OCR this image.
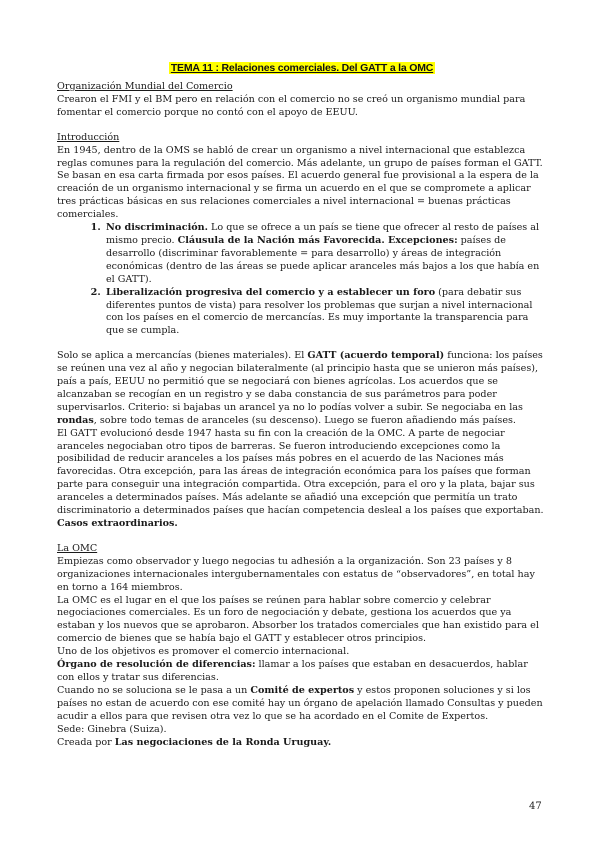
TEMA 11 : Relaciones comerciales. Del GATT a la OMC

Organización Mundial del Comercio

Crearon el FMI y el BM pero en relación con el comercio no se creó un organismo mundial para fomentar el comercio porque no contó con el apoyo de EEUU.

Introducción

En 1945, dentro de la OMS se habló de crear un organismo a nivel internacional que establezca reglas comunes para la regulación del comercio. Más adelante, un grupo de países forman el GATT. Se basan en esa carta firmada por esos países. El acuerdo general fue provisional a la espera de la creación de un organismo internacional y se firma un acuerdo en el que se compromete a aplicar tres prácticas básicas en sus relaciones comerciales a nivel internacional = buenas prácticas comerciales.

1. No discriminación. Lo que se ofrece a un país se tiene que ofrecer al resto de países al mismo precio. Cláusula de la Nación más Favorecida. Excepciones: países de desarrollo (discriminar favorablemente = para desarrollo) y áreas de integración económicas (dentro de las áreas se puede aplicar aranceles más bajos a los que había en el GATT).
2. Liberalización progresiva del comercio y a establecer un foro (para debatir sus diferentes puntos de vista) para resolver los problemas que surjan a nivel internacional con los países en el comercio de mercancías. Es muy importante la transparencia para que se cumpla.

Solo se aplica a mercancías (bienes materiales). El GATT (acuerdo temporal) funciona: los países se reúnen una vez al año y negocian bilateralmente (al principio hasta que se unieron más países), país a país, EEUU no permitió que se negociará con bienes agrícolas. Los acuerdos que se alcanzaban se recogían en un registro y se daba constancia de sus parámetros para poder supervisarlos. Criterio: si bajabas un arancel ya no lo podías volver a subir. Se negociaba en las rondas, sobre todo temas de aranceles (su descenso). Luego se fueron añadiendo más países.

El GATT evolucionó desde 1947 hasta su fin con la creación de la OMC. A parte de negociar aranceles negociaban otro tipos de barreras. Se fueron introduciendo excepciones como la posibilidad de reducir aranceles a los países más pobres en el acuerdo de las Naciones más favorecidas. Otra excepción, para las áreas de integración económica para los países que forman parte para conseguir una integración compartida. Otra excepción, para el oro y la plata, bajar sus aranceles a determinados países. Más adelante se añadió una excepción que permitía un trato discriminatorio a determinados países que hacían competencia desleal a los países que exportaban. Casos extraordinarios.

La OMC

Empiezas como observador y luego negocias tu adhesión a la organización. Son 23 países y 8 organizaciones internacionales intergubernamentales con estatus de “observadores”, en total hay en torno a 164 miembros.

La OMC es el lugar en el que los países se reúnen para hablar sobre comercio y celebrar negociaciones comerciales. Es un foro de negociación y debate, gestiona los acuerdos que ya estaban y los nuevos que se aprobaron. Absorber los tratados comerciales que han existido para el comercio de bienes que se había bajo el GATT y establecer otros principios.

Uno de los objetivos es promover el comercio internacional.

Órgano de resolución de diferencias: llamar a los países que estaban en desacuerdos, hablar con ellos y tratar sus diferencias.

Cuando no se soluciona se le pasa a un Comité de expertos y estos proponen soluciones y si los países no estan de acuerdo con ese comité hay un órgano de apelación llamado Consultas y pueden acudir a ellos para que revisen otra vez lo que se ha acordado en el Comite de Expertos.

Sede: Ginebra (Suiza).

Creada por Las negociaciones de la Ronda Uruguay.

47
